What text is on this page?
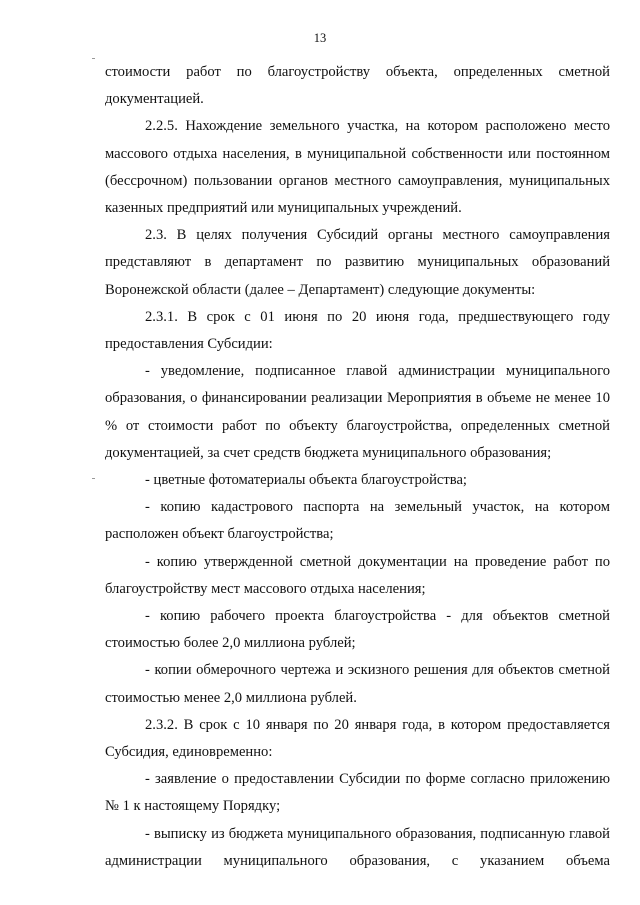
13

стоимости работ по благоустройству объекта, определенных сметной документацией.

2.2.5. Нахождение земельного участка, на котором расположено место массового отдыха населения, в муниципальной собственности или постоянном (бессрочном) пользовании органов местного самоуправления, муниципальных казенных предприятий или муниципальных учреждений.

2.3. В целях получения Субсидий органы местного самоуправления представляют в департамент по развитию муниципальных образований Воронежской области (далее – Департамент) следующие документы:

2.3.1. В срок с 01 июня по 20 июня года, предшествующего году предоставления Субсидии:

- уведомление, подписанное главой администрации муниципального образования, о финансировании реализации Мероприятия в объеме не менее 10 % от стоимости работ по объекту благоустройства, определенных сметной документацией, за счет средств бюджета муниципального образования;

- цветные фотоматериалы объекта благоустройства;

- копию кадастрового паспорта на земельный участок, на котором расположен объект благоустройства;

- копию утвержденной сметной документации на проведение работ по благоустройству мест массового отдыха населения;

- копию рабочего проекта благоустройства - для объектов сметной стоимостью более 2,0 миллиона рублей;

- копии обмерочного чертежа и эскизного решения для объектов сметной стоимостью менее 2,0 миллиона рублей.

2.3.2. В срок с 10 января по 20 января года, в котором предоставляется Субсидия, единовременно:

- заявление о предоставлении Субсидии по форме согласно приложению № 1 к настоящему Порядку;

- выписку из бюджета муниципального образования, подписанную главой администрации муниципального образования, с указанием объема
